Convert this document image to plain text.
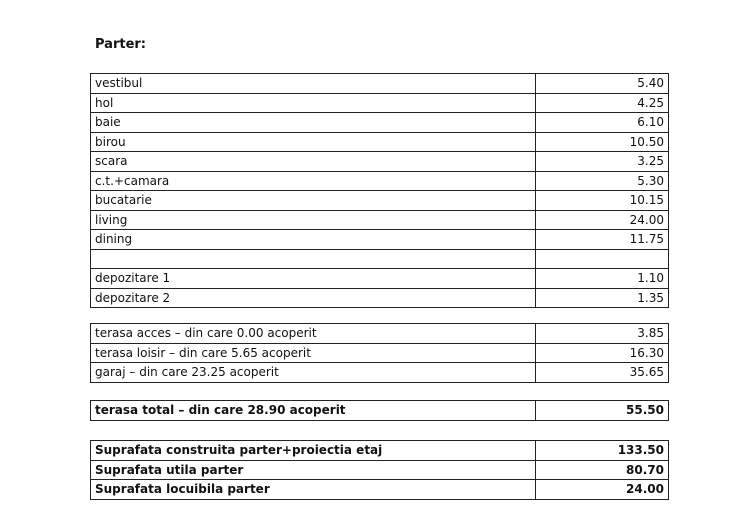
Parter:
vestibul	5.40
hol	4.25
baie	6.10
birou	10.50
scara	3.25
c.t.+camara	5.30
bucatarie	10.15
living	24.00
dining	11.75

depozitare 1	1.10
depozitare 2	1.35
terasa acces – din care 0.00 acoperit	3.85
terasa loisir – din care 5.65 acoperit	16.30
garaj – din care 23.25 acoperit	35.65
terasa total – din care 28.90 acoperit	55.50
Suprafata construita parter+proiectia etaj	133.50
Suprafata utila parter	80.70
Suprafata locuibila parter	24.00
